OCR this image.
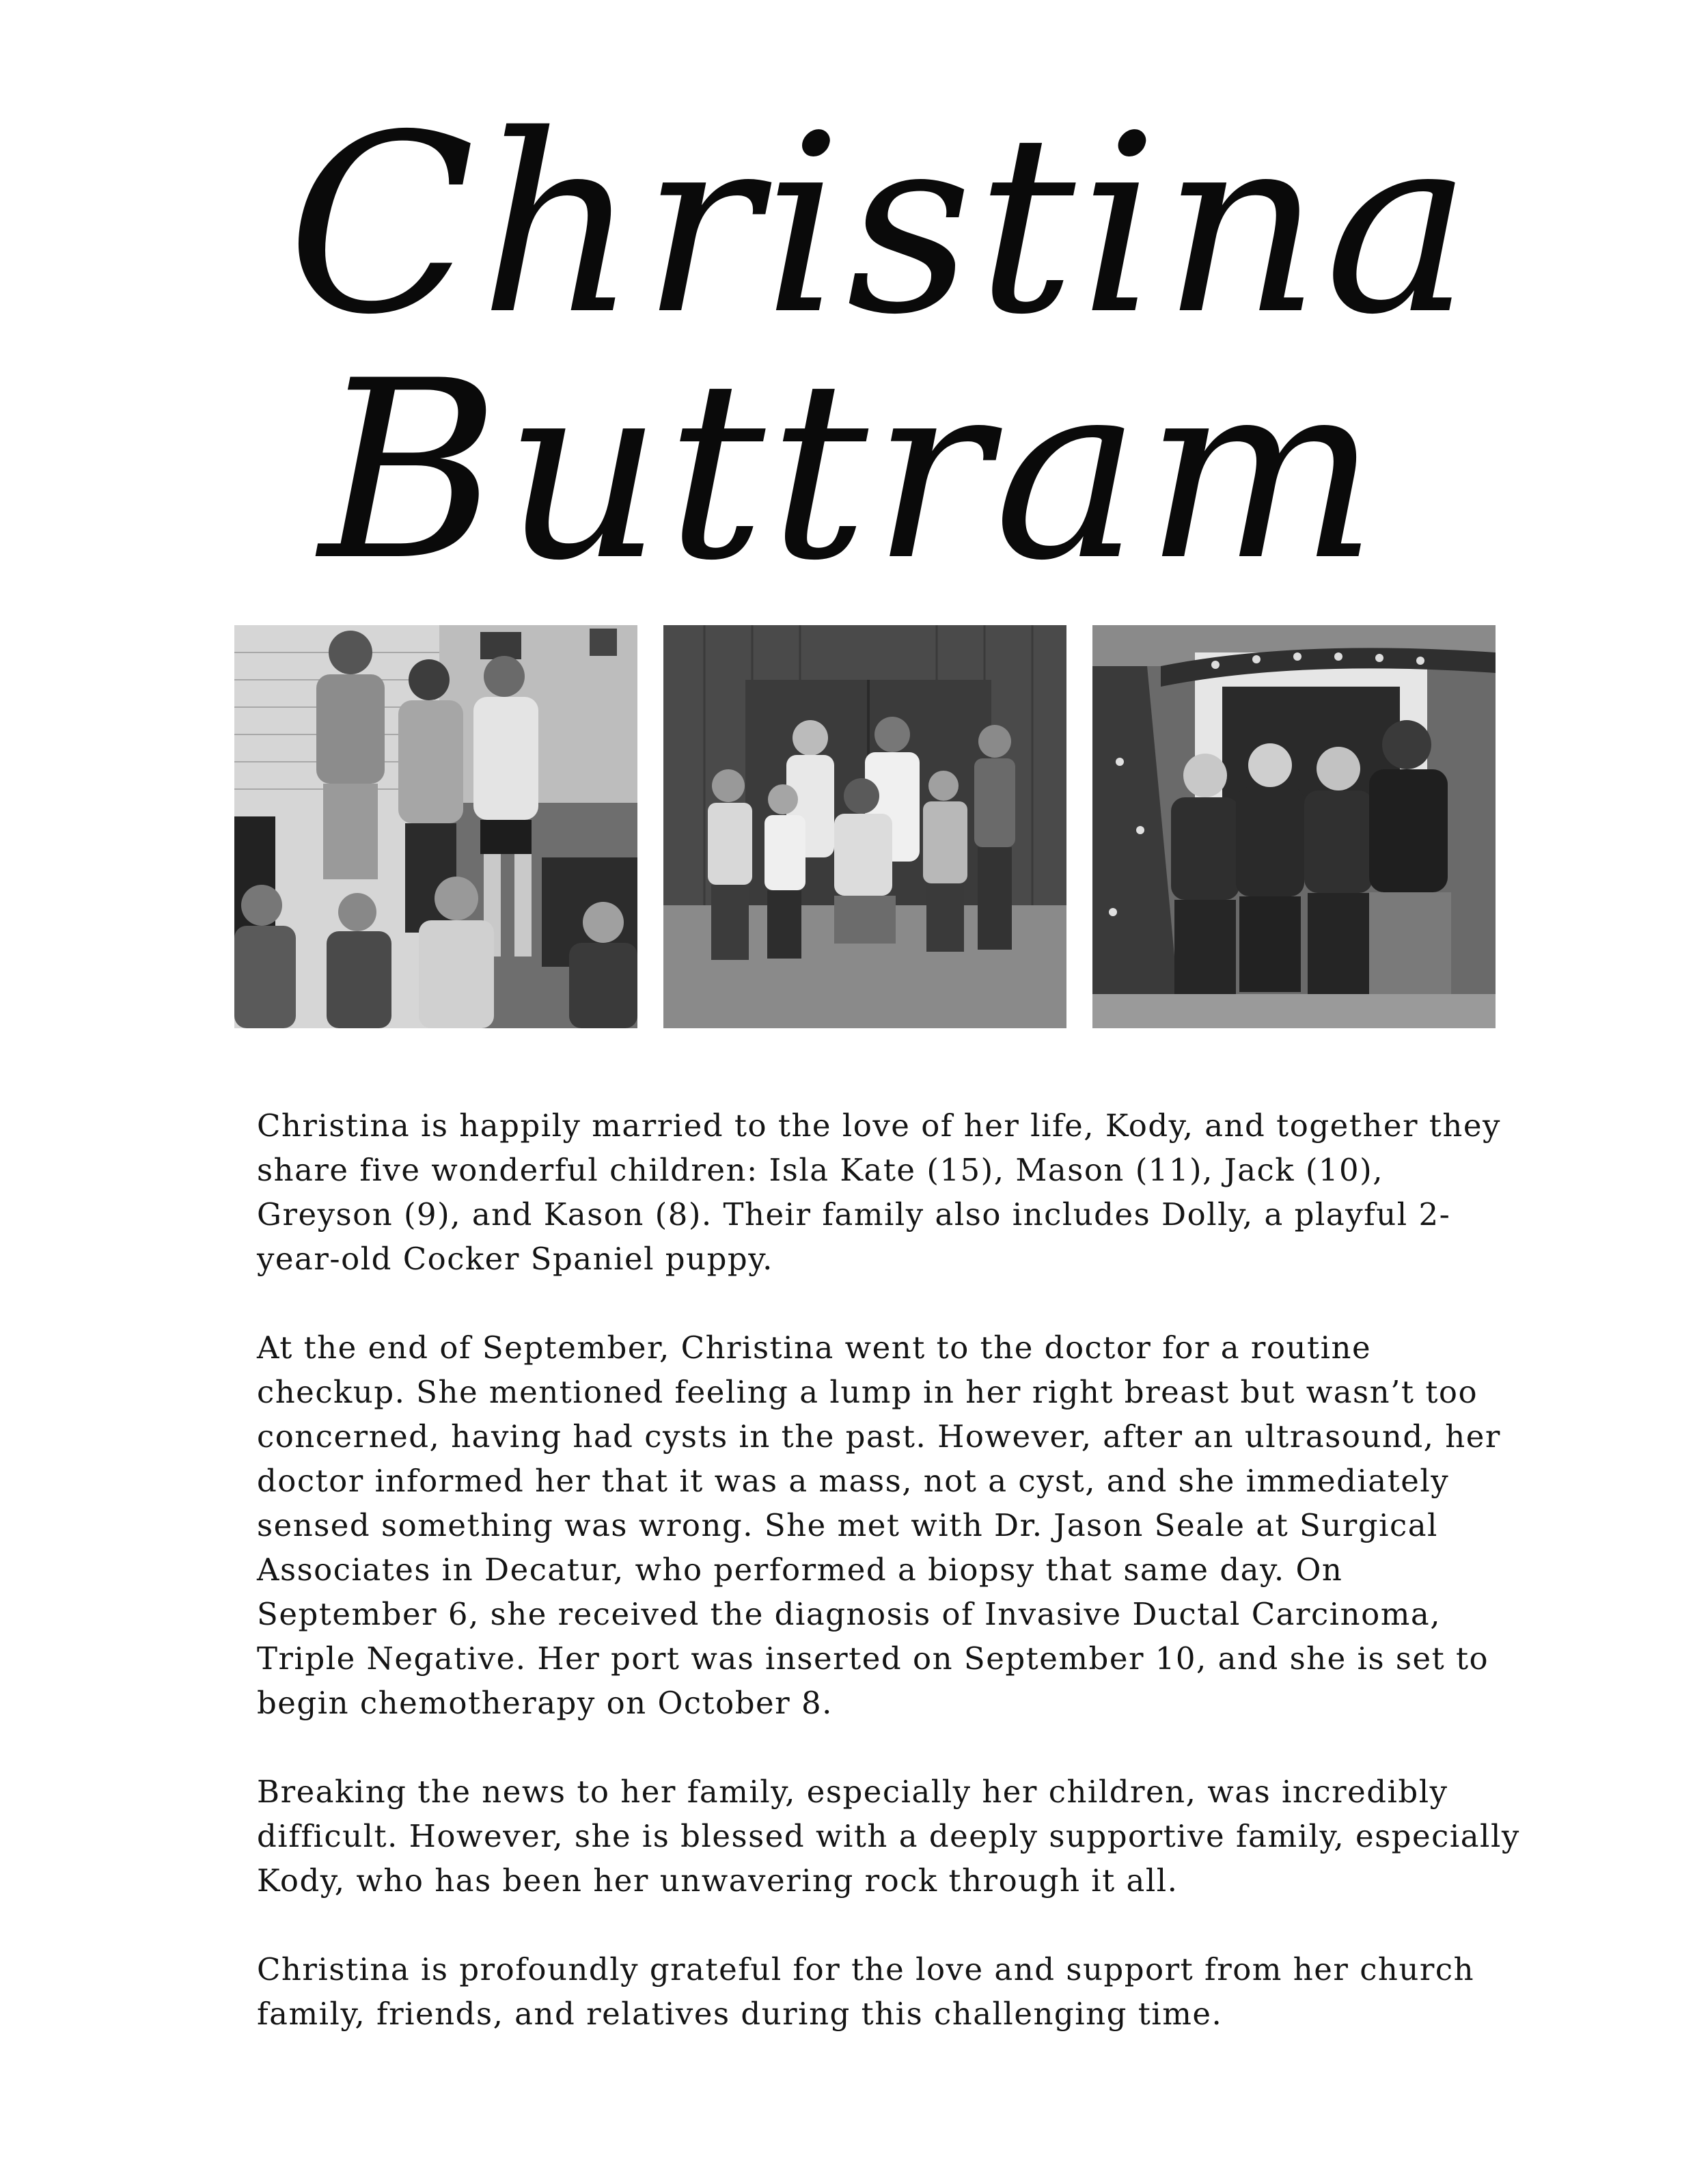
Christina
Buttram

Christina is happily married to the love of her life, Kody, and together they share five wonderful children: Isla Kate (15), Mason (11), Jack (10), Greyson (9), and Kason (8). Their family also includes Dolly, a playful 2-year-old Cocker Spaniel puppy.

At the end of September, Christina went to the doctor for a routine checkup. She mentioned feeling a lump in her right breast but wasn’t too concerned, having had cysts in the past. However, after an ultrasound, her doctor informed her that it was a mass, not a cyst, and she immediately sensed something was wrong. She met with Dr. Jason Seale at Surgical Associates in Decatur, who performed a biopsy that same day. On September 6, she received the diagnosis of Invasive Ductal Carcinoma, Triple Negative. Her port was inserted on September 10, and she is set to begin chemotherapy on October 8.

Breaking the news to her family, especially her children, was incredibly difficult. However, she is blessed with a deeply supportive family, especially Kody, who has been her unwavering rock through it all.

Christina is profoundly grateful for the love and support from her church family, friends, and relatives during this challenging time.
